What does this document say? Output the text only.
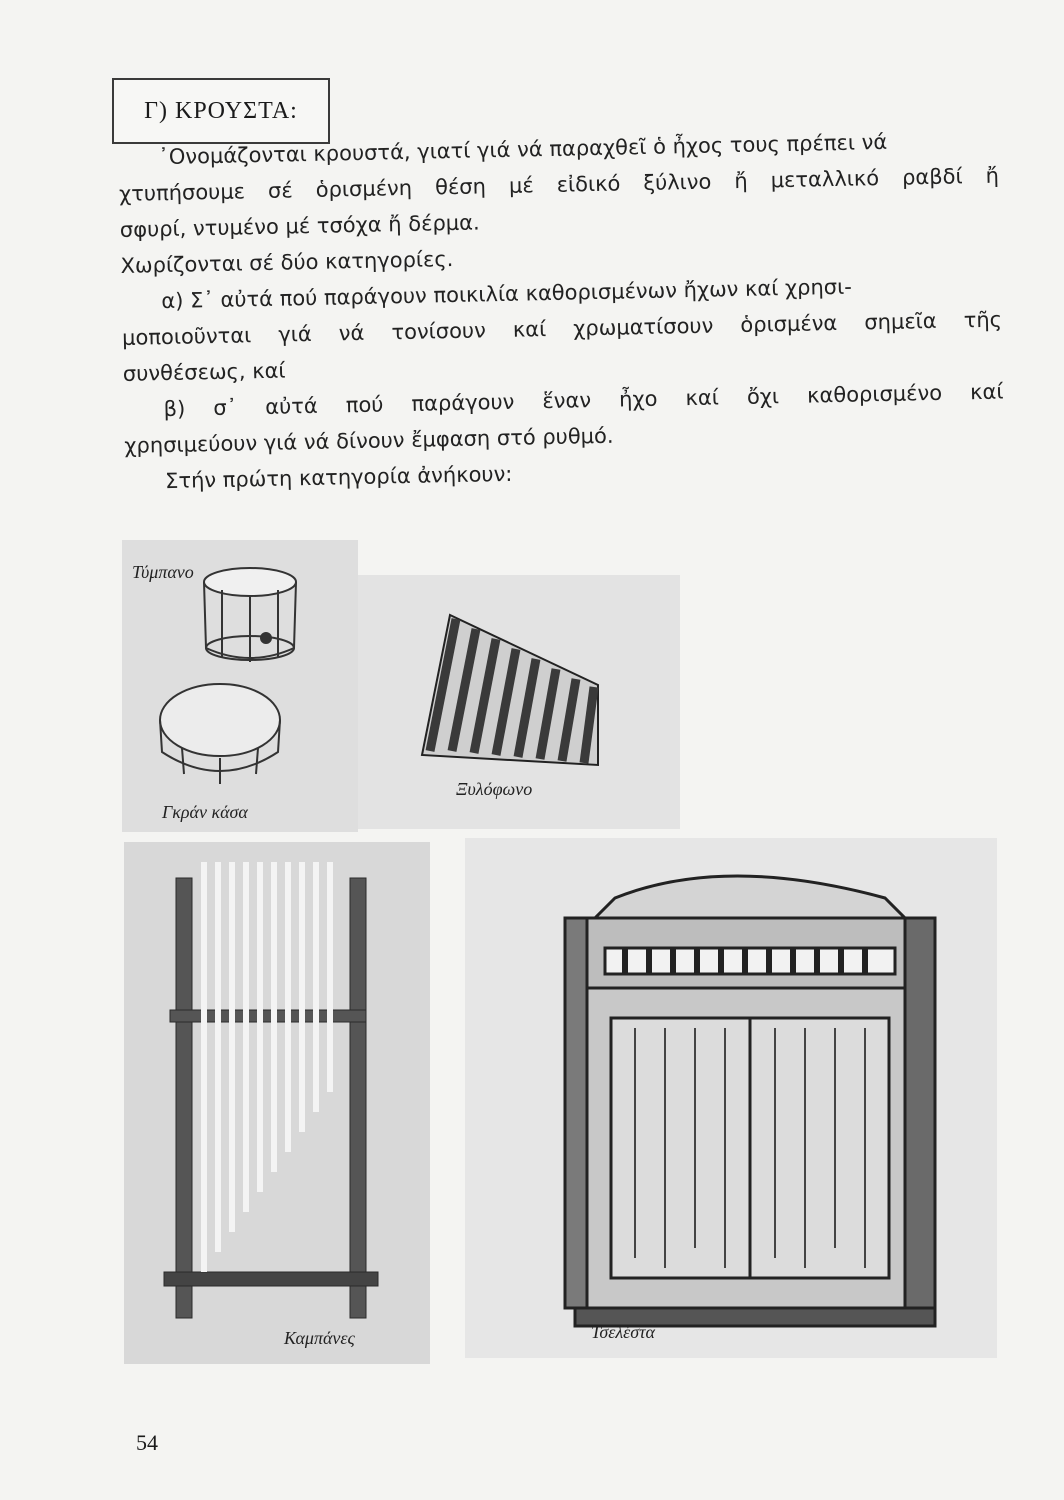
Γ) ΚΡΟΥΣΤΑ:

᾿Ονομάζονται κρουστά, γιατί γιά νά παραχθεῖ ὁ ἦχος τους πρέπει νά

χτυπήσουμε σέ ὁρισμένη θέση μέ εἰδικό ξύλινο ἤ μεταλλικό ραβδί ἤ

σφυρί, ντυμένο μέ τσόχα ἤ δέρμα.

Χωρίζονται σέ δύο κατηγορίες.

α) Σ᾿ αὐτά πού παράγουν ποικιλία καθορισμένων ἤχων καί χρησι-

μοποιοῦνται γιά νά τονίσουν καί χρωματίσουν ὁρισμένα σημεῖα τῆς

συνθέσεως, καί

β) σ᾿ αὐτά πού παράγουν ἕναν ἦχο καί ὄχι καθορισμένο καί

χρησιμεύουν γιά νά δίνουν ἔμφαση στό ρυθμό.

Στήν πρώτη κατηγορία ἀνήκουν:

Τύμπανο
Γκράν κάσα
Ξυλόφωνο
Καμπάνες	Τσελέστα
54
